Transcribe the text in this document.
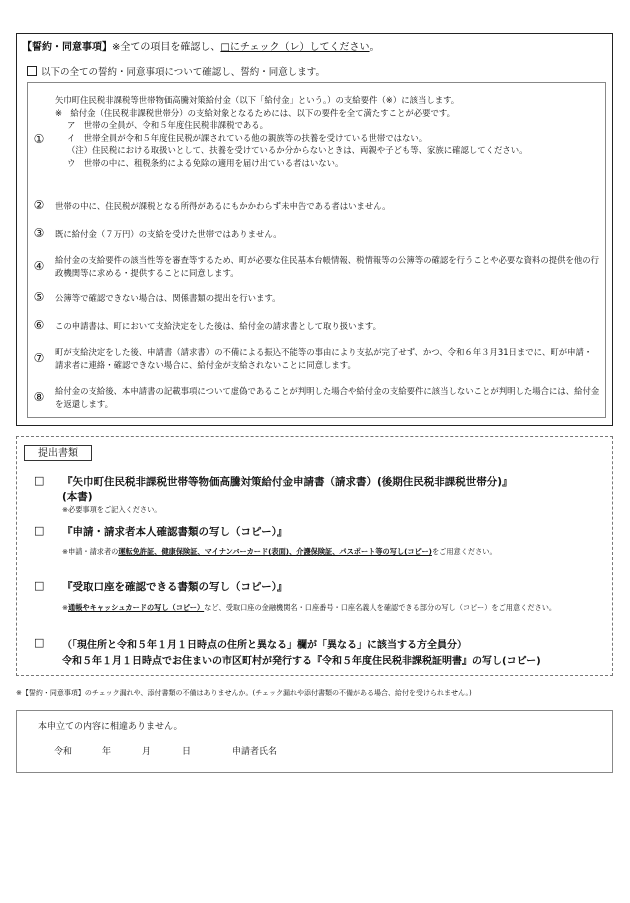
【誓約・同意事項】※全ての項目を確認し、□にチェック（レ）してください。
以下の全ての誓約・同意事項について確認し、誓約・同意します。
①
矢巾町住民税非課税等世帯物価高騰対策給付金（以下「給付金」という。）の支給要件（※）に該当します。
※　給付金（住民税非課税世帯分）の支給対象となるためには、以下の要件を全て満たすことが必要です。
ア　世帯の全員が、令和５年度住民税非課税である。
イ　世帯全員が令和５年度住民税が課されている他の親族等の扶養を受けている世帯ではない。
（注）住民税における取扱いとして、扶養を受けているか分からないときは、両親や子ども等、家族に確認してください。
ウ　世帯の中に、租税条約による免除の適用を届け出ている者はいない。
② 世帯の中に、住民税が課税となる所得があるにもかかわらず未申告である者はいません。
③ 既に給付金（７万円）の支給を受けた世帯ではありません。
④ 給付金の支給要件の該当性等を審査等するため、町が必要な住民基本台帳情報、税情報等の公簿等の確認を行うことや必要な資料の提供を他の行政機関等に求める・提供することに同意します。
⑤ 公簿等で確認できない場合は、関係書類の提出を行います。
⑥ この申請書は、町において支給決定をした後は、給付金の請求書として取り扱います。
⑦ 町が支給決定をした後、申請書（請求書）の不備による振込不能等の事由により支払が完了せず、かつ、令和６年３月31日までに、町が申請・請求者に連絡・確認できない場合に、給付金が支給されないことに同意します。
⑧ 給付金の支給後、本申請書の記載事項について虚偽であることが判明した場合や給付金の支給要件に該当しないことが判明した場合には、給付金を返還します。
提出書類
□ 『矢巾町住民税非課税世帯等物価高騰対策給付金申請書（請求書）(後期住民税非課税世帯分)』
(本書)
※必要事項をご記入ください。
□ 『申請・請求者本人確認書類の写し（コピー）』
※申請・請求者の運転免許証、健康保険証、マイナンバーカード(表面)、介護保険証、パスポート等の写し(コピー)をご用意ください。
□ 『受取口座を確認できる書類の写し（コピー）』
※通帳やキャッシュカードの写し（コピー）など、受取口座の金融機関名・口座番号・口座名義人を確認できる部分の写し（コピー）をご用意ください。
□ （「現住所と令和５年１月１日時点の住所と異なる」欄が「異なる」に該当する方全員分）
令和５年１月１日時点でお住まいの市区町村が発行する『令和５年度住民税非課税証明書』の写し(コピー)
※【誓約・同意事項】のチェック漏れや、添付書類の不備はありませんか。(チェック漏れや添付書類の不備がある場合、給付を受けられません。)
本申立ての内容に相違ありません。
令和	年	月	日	申請者氏名
